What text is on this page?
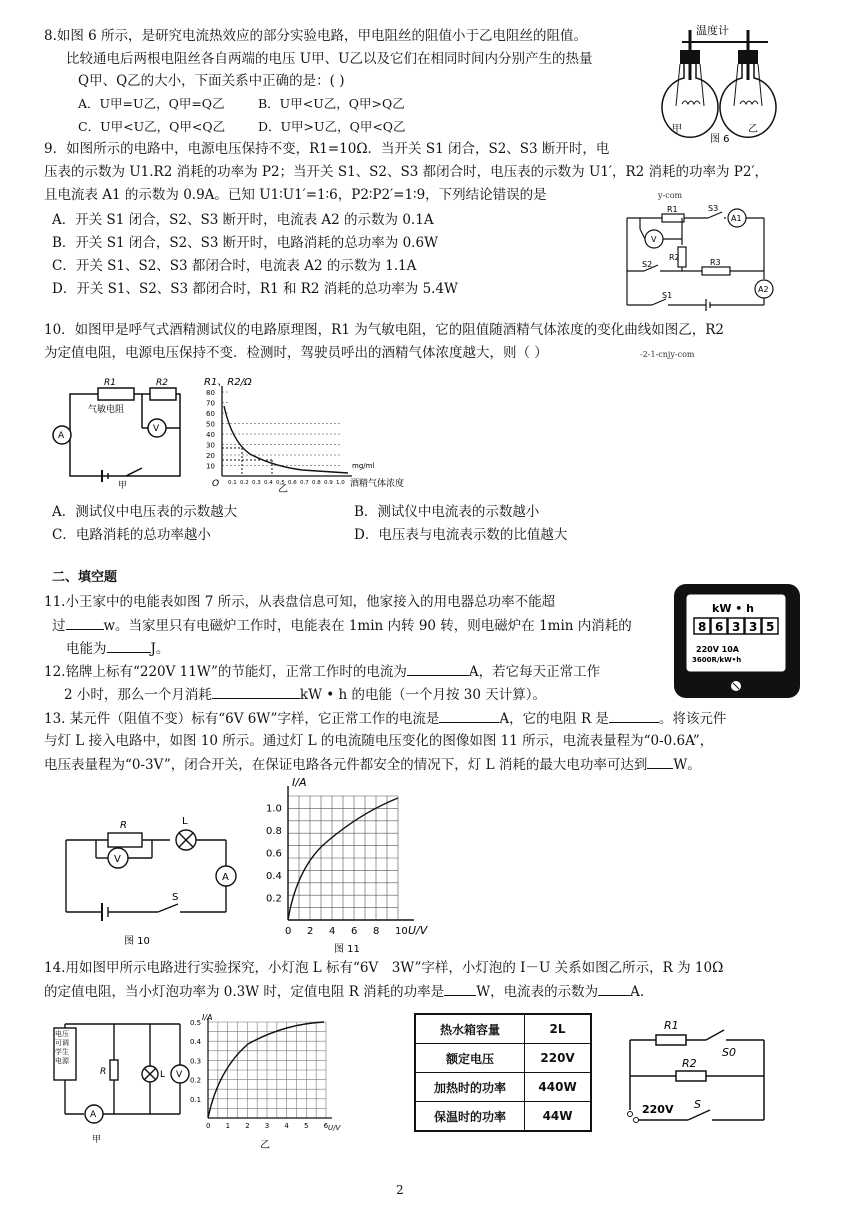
8.如图 6 所示，是研究电流热效应的部分实验电路，甲电阻丝的阻值小于乙电阻丝的阻值。
比较通电后两根电阻丝各自两端的电压 U甲、U乙以及它们在相同时间内分别产生的热量
Q甲、Q乙的大小，下面关系中正确的是：( )
A．U甲=U乙，Q甲=Q乙	B．U甲<U乙，Q甲>Q乙
C．U甲<U乙，Q甲<Q乙	D．U甲>U乙，Q甲<Q乙
温度计
甲	乙
图 6
9．如图所示的电路中，电源电压保持不变，R1=10Ω．当开关 S1 闭合，S2、S3 断开时，电
压表的示数为 U1.R2 消耗的功率为 P2；当开关 S1、S2、S3 都闭合时，电压表的示数为 U1′，R2 消耗的功率为 P2′，
且电流表 A1 的示数为 0.9A。已知 U1∶U1′=1∶6，P2∶P2′=1∶9，下列结论错误的是	y-com
A．开关 S1 闭合，S2、S3 断开时，电流表 A2 的示数为 0.1A
B．开关 S1 闭合，S2、S3 断开时，电路消耗的总功率为 0.6W
C．开关 S1、S2、S3 都闭合时，电流表 A2 的示数为 1.1A
D．开关 S1、S2、S3 都闭合时，R1 和 R2 消耗的总功率为 5.4W
R1	S3
A1
V
R2
S2	R3
A2
S1
10．如图甲是呼气式酒精测试仪的电路原理图，R1 为气敏电阻，它的阻值随酒精气体浓度的变化曲线如图乙，R2
为定值电阻，电源电压保持不变．检测时，驾驶员呼出的酒精气体浓度越大，则（ ）	-2-1-cnjy-com
R1	R2
气敏电阻
A
V
甲
R1、R2/Ω
80
70
60
50
40
30
20
10
0.1 0.2 0.3 0.4 0.5 0.6 0.7 0.8 0.9 1.0
O
mg/ml
酒精气体浓度
乙
A．测试仪中电压表的示数越大	B．测试仪中电流表的示数越小
C．电路消耗的总功率越小	D．电压表与电流表示数的比值越大
二、填空题
11.小王家中的电能表如图 7 所示，从表盘信息可知，他家接入的用电器总功率不能超
过	w。当家里只有电磁炉工作时，电能表在 1min 内转 90 转，则电磁炉在 1min 内消耗的
电能为	J。
kW • h
8 6 3 3 5
220V 10A
3600R/kW•h
12.铭牌上标有“220V 11W”的节能灯，正常工作时的电流为	A，若它每天正常工作
2 小时，那么一个月消耗	kW • h 的电能（一个月按 30 天计算）。
13. 某元件（阻值不变）标有“6V 6W”字样，它正常工作的电流是	A，它的电阻 R 是	。将该元件
与灯 L 接入电路中，如图 10 所示。通过灯 L 的电流随电压变化的图像如图 11 所示，电流表量程为“0-0.6A”，
电压表量程为“0-3V”，闭合开关，在保证电路各元件都安全的情况下，灯 L 消耗的最大电功率可达到 W。
R	L
V
A
S
图 10
I/A
0.2
0.4
0.6
0.8
1.0
0 2 4 6 8 10 U/V
图 11
14.用如图甲所示电路进行实验探究，小灯泡 L 标有“6V　3W”字样，小灯泡的 I－U 关系如图乙所示，R 为 10Ω
的定值电阻，当小灯泡功率为 0.3W 时，定值电阻 R 消耗的功率是 W，电流表的示数为 A.
电压可调学生电源
R	L V
A
甲
I/A
0.1
0.2
0.3
0.4
0.5
0 1 2 3 4 5 6 U/V
乙
热水箱容量	2L
额定电压	220V
加热时的功率	440W
保温时的功率	44W
R1
S0
R2
220V S
2
